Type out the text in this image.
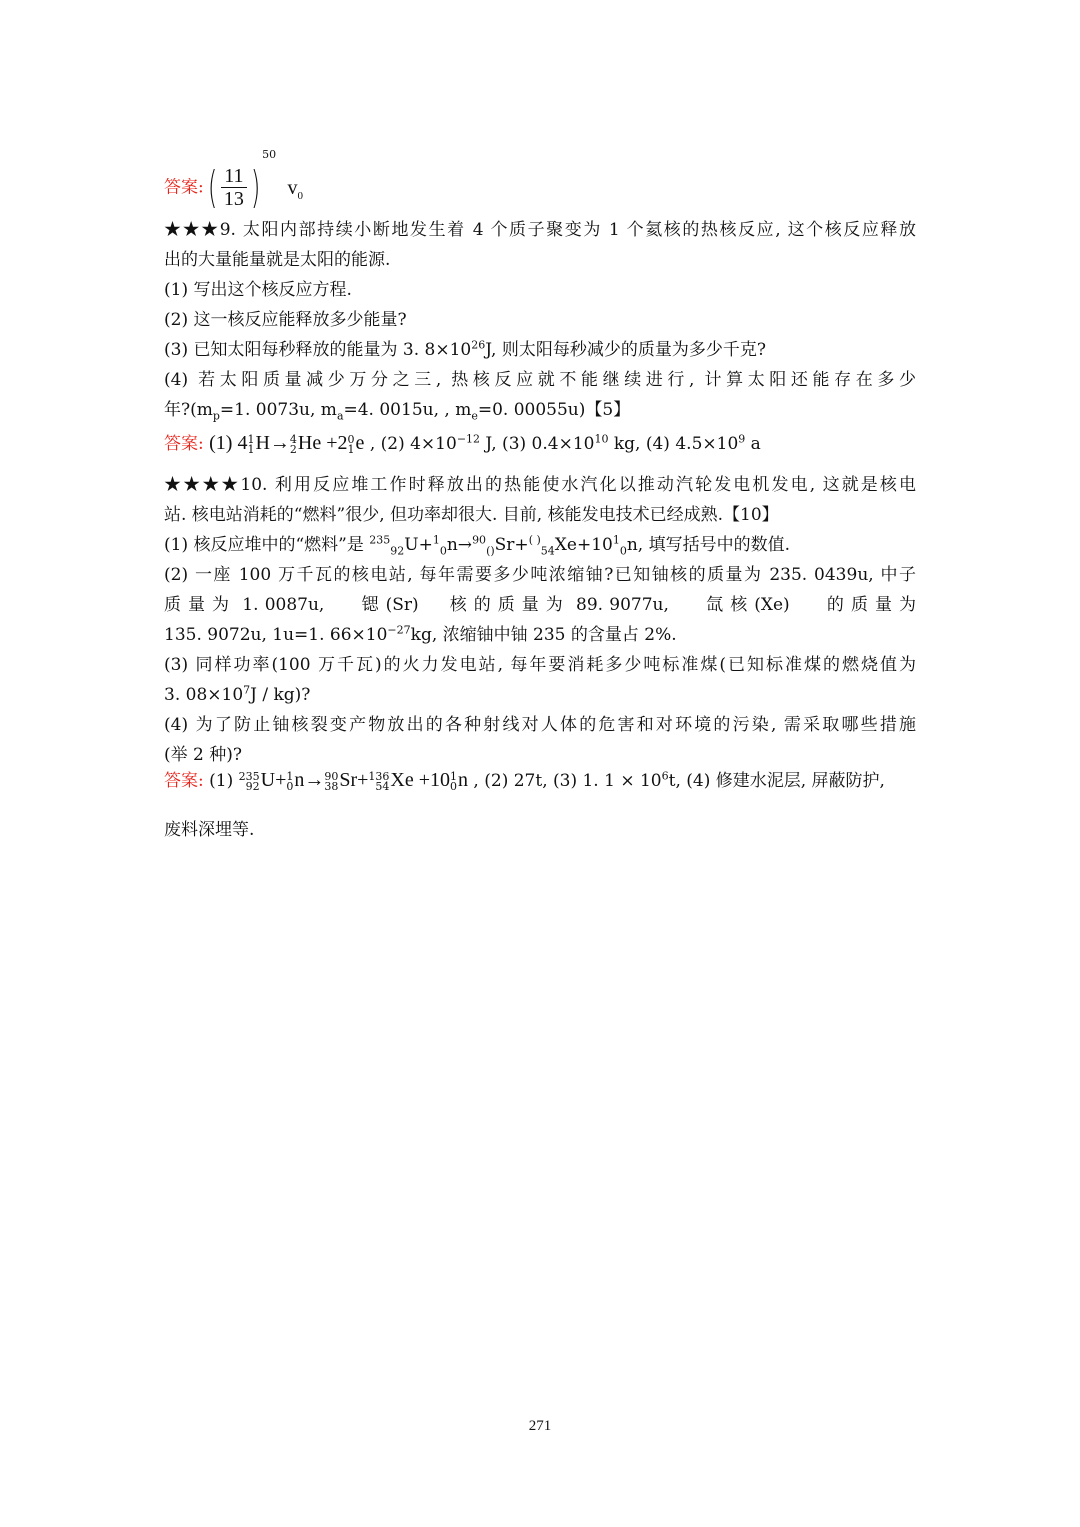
答案:( $\frac{11}{13} )^{50}$ $v_0$
★★★9. 太阳内部持续小断地发生着 4 个质子聚变为 1 个氦核的热核反应, 这个核反应释放
出的大量能量就是太阳的能源.
(1) 写出这个核反应方程.
(2) 这一核反应能释放多少能量?
(3) 已知太阳每秒释放的能量为 3. $8\times 10^{26}J$, 则太阳每秒减少的质量为多少千克?
(4) 若太阳质量减少万分之三, 热核反应就不能继续进行, 计算太阳还能存在多少
年$?(m_p=1$. 0073u, $m_a=4$. 0015u, , $m_e=0$. 00055u)【5】
答案: (1) 4 1
1 H→ 4
2 He +2 0
1 e , (2) $4\times 10^{-12}$ J, (3) $0.4\times 10^{10}$ kg, (4) $4.5\times 10^9$ a
★★★★10. 利用反应堆工作时释放出的热能使水汽化以推动汽轮发电机发电, 这就是核电
站. 核电站消耗的“燃料”很少, 但功率却很大. 目前, 核能发电技术已经成熟.【10】
(1) 核反应堆中的“燃料”是 $^{235}_{92}U+^1_0n\to^{90}_{()}Sr+^{( )}_{54}Xe+10^1_0n$, 填写括号中的数值.
(2) 一座 100 万千瓦的核电站, 每年需要多少吨浓缩铀?已知铀核的质量为 235. 0439u, 中子
质 量 为  1. 0087u,      锶 (Sr)     核 的 质 量 为  89. 9077u,      氙 核 (Xe)      的 质 量 为
135. 9072u, 1u=1. $66\times 10^{-27}kg$, 浓缩铀中铀 235 的含量占 2%.
(3) 同样功率(100 万千瓦)的火力发电站, 每年要消耗多少吨标准煤(已知标准煤的燃烧值为
3. $08\times 10^7J / kg$)?
(4) 为了防止铀核裂变产物放出的各种射线对人体的危害和对环境的污染, 需采取哪些措施
(举 2 种)?
答案: (1) 235
92 U+ 1
0 n→ 90
38 Sr+ 136
54 Xe +10 1
0 n , (2) 27t, (3) 1. $1 \times 10^6t$, (4) 修建水泥层, 屏蔽防护,
废料深埋等.
271
